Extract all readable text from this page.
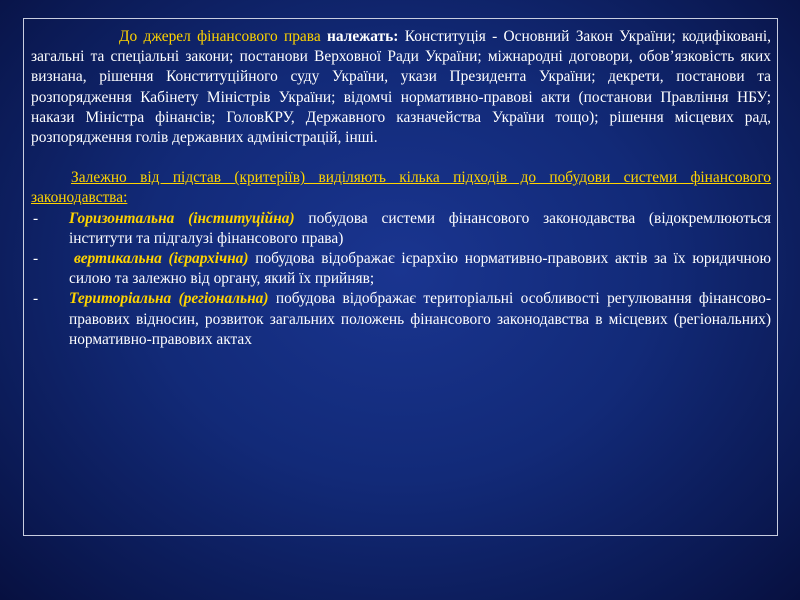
До джерел фінансового права належать: Конституція - Основний Закон України; кодифіковані, загальні та спеціальні закони; постанови Верховної Ради України; міжнародні договори, обов’язковість яких визнана, рішення Конституційного суду України, укази Президента України; декрети, постанови та розпорядження Кабінету Міністрів України; відомчі нормативно-правові акти (постанови Правління НБУ; накази Міністра фінансів; ГоловКРУ, Державного казначейства України тощо); рішення місцевих рад, розпорядження голів державних адміністрацій, інші.

Залежно від підстав (критеріїв) виділяють кілька підходів до побудови системи фінансового законодавства:

- Горизонтальна (інституційна) побудова системи фінансового законодавства (відокремлюються інститути та підгалузі фінансового права)
- вертикальна (ієрархічна) побудова відображає ієрархію нормативно-правових актів за їх юридичною силою та залежно від органу, який їх прийняв;
- Територіальна (регіональна) побудова відображає територіальні особливості регулювання фінансово-правових відносин, розвиток загальних положень фінансового законодавства в місцевих (регіональних) нормативно-правових актах
